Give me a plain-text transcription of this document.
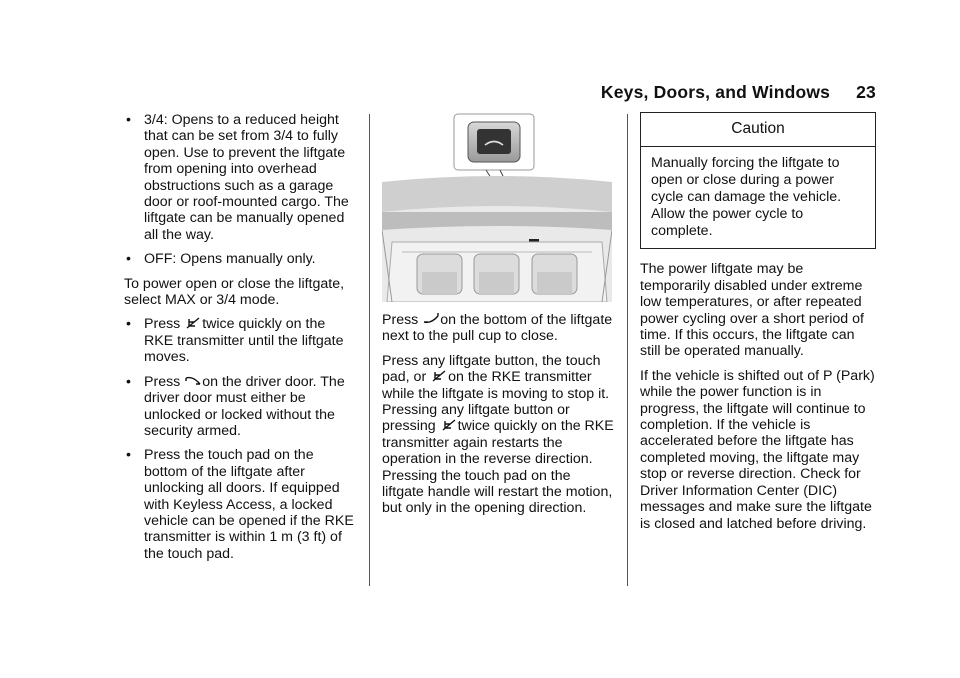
Keys, Doors, and Windows 23
• 3/4: Opens to a reduced height that can be set from 3/4 to fully open. Use to prevent the liftgate from opening into overhead obstructions such as a garage door or roof-mounted cargo. The liftgate can be manually opened all the way.
• OFF: Opens manually only.

To power open or close the liftgate, select MAX or 3/4 mode.

• Press twice quickly on the RKE transmitter until the liftgate moves.
• Press on the driver door. The driver door must either be unlocked or locked without the security armed.
• Press the touch pad on the bottom of the liftgate after unlocking all doors. If equipped with Keyless Access, a locked vehicle can be opened if the RKE transmitter is within 1 m (3 ft) of the touch pad.

Press on the bottom of the liftgate next to the pull cup to close.

Press any liftgate button, the touch pad, or on the RKE transmitter while the liftgate is moving to stop it. Pressing any liftgate button or pressing twice quickly on the RKE transmitter again restarts the operation in the reverse direction. Pressing the touch pad on the liftgate handle will restart the motion, but only in the opening direction.

Caution
Manually forcing the liftgate to open or close during a power cycle can damage the vehicle. Allow the power cycle to complete.

The power liftgate may be temporarily disabled under extreme low temperatures, or after repeated power cycling over a short period of time. If this occurs, the liftgate can still be operated manually.

If the vehicle is shifted out of P (Park) while the power function is in progress, the liftgate will continue to completion. If the vehicle is accelerated before the liftgate has completed moving, the liftgate may stop or reverse direction. Check for Driver Information Center (DIC) messages and make sure the liftgate is closed and latched before driving.
